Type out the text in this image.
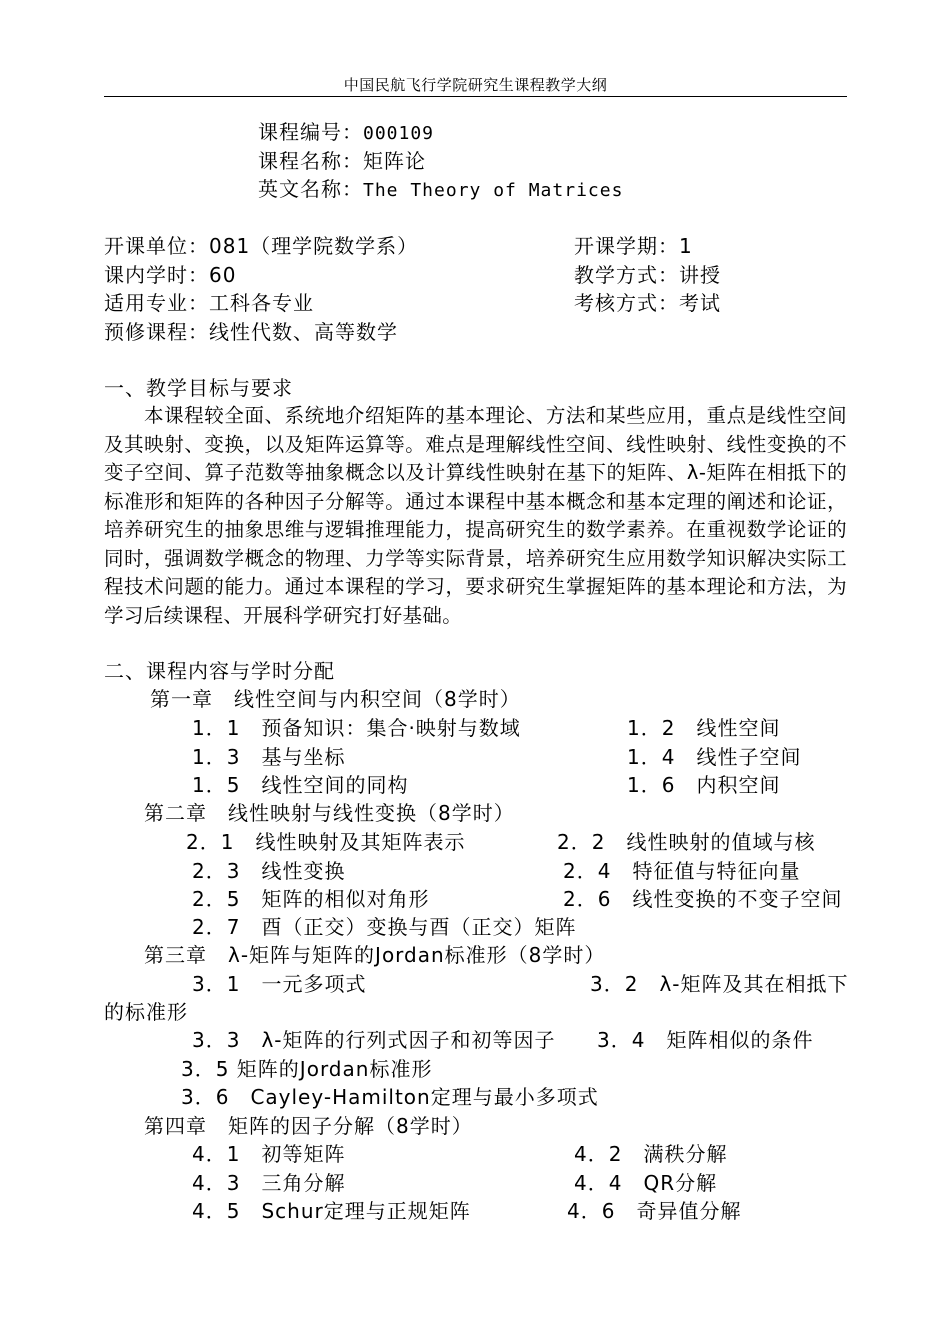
中国民航飞行学院研究生课程教学大纲
课程编号：000109
课程名称：矩阵论
英文名称：The Theory of Matrices
开课单位：081（理学院数学系）	开课学期：1
课内学时：60	教学方式：讲授
适用专业：工科各专业	考核方式：考试
预修课程：线性代数、高等数学
一、教学目标与要求

本课程较全面、系统地介绍矩阵的基本理论、方法和某些应用，重点是线性空间及其映射、变换，以及矩阵运算等。难点是理解线性空间、线性映射、线性变换的不变子空间、算子范数等抽象概念以及计算线性映射在基下的矩阵、λ-矩阵在相抵下的标准形和矩阵的各种因子分解等。通过本课程中基本概念和基本定理的阐述和论证，培养研究生的抽象思维与逻辑推理能力，提高研究生的数学素养。在重视数学论证的同时，强调数学概念的物理、力学等实际背景，培养研究生应用数学知识解决实际工程技术问题的能力。通过本课程的学习，要求研究生掌握矩阵的基本理论和方法，为学习后续课程、开展科学研究打好基础。

二、课程内容与学时分配
第一章　线性空间与内积空间（8学时）
1．1　预备知识：集合·映射与数域	1．2　线性空间
1．3　基与坐标	1．4　线性子空间
1．5　线性空间的同构	1．6　内积空间
第二章　线性映射与线性变换（8学时）
2．1　线性映射及其矩阵表示	2．2　线性映射的值域与核
2．3　线性变换	2．4　特征值与特征向量
2．5　矩阵的相似对角形	2．6　线性变换的不变子空间
2．7　酉（正交）变换与酉（正交）矩阵
第三章　λ-矩阵与矩阵的Jordan标准形（8学时）
3．1　一元多项式	3．2　λ-矩阵及其在相抵下
的标准形
3．3　λ-矩阵的行列式因子和初等因子 3．4　矩阵相似的条件
3．5 矩阵的Jordan标准形
3．6　Cayley-Hamilton定理与最小多项式
第四章　矩阵的因子分解（8学时）
4．1　初等矩阵	4．2　满秩分解
4．3　三角分解	4．4　QR分解
4．5　Schur定理与正规矩阵	4．6　奇异值分解
